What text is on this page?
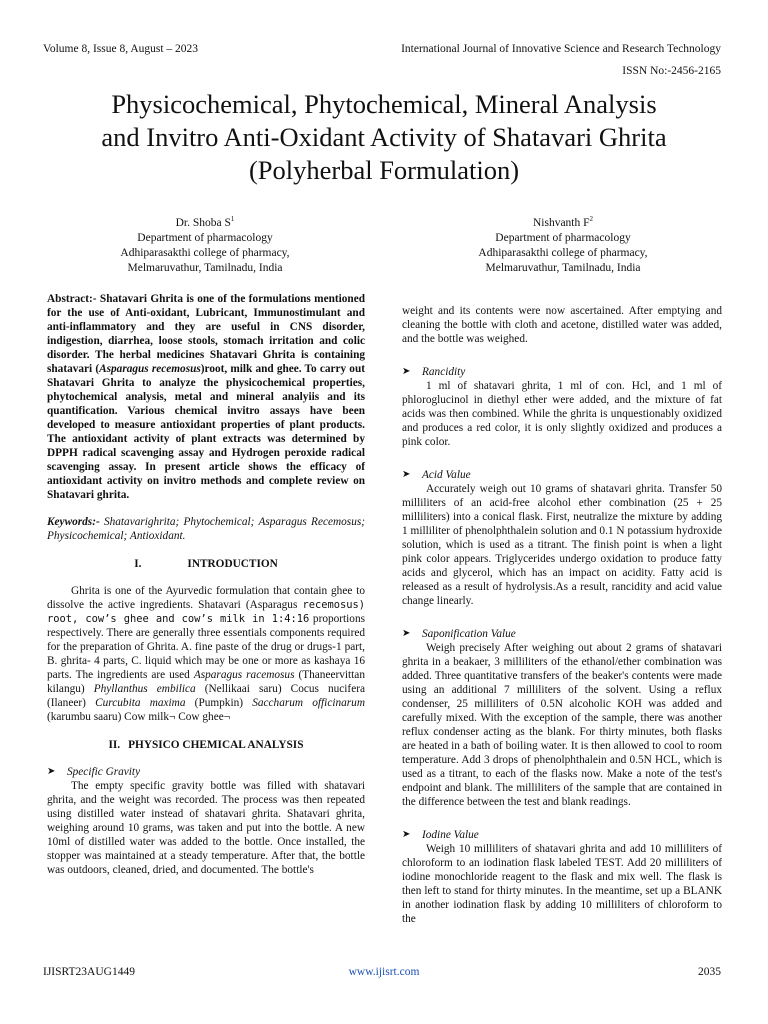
Volume 8, Issue 8, August – 2023	International Journal of Innovative Science and Research Technology
ISSN No:-2456-2165
Physicochemical, Phytochemical, Mineral Analysis
and Invitro Anti-Oxidant Activity of Shatavari Ghrita
(Polyherbal Formulation)
Dr. Shoba $S^1$
Department of pharmacology
Adhiparasakthi college of pharmacy,
Melmaruvathur, Tamilnadu, India
Nishvanth $F^2$
Department of pharmacology
Adhiparasakthi college of pharmacy,
Melmaruvathur, Tamilnadu, India

Abstract:- Shatavari Ghrita is one of the formulations mentioned for the use of Anti-oxidant, Lubricant, Immunostimulant and anti-inflammatory and they are useful in CNS disorder, indigestion, diarrhea, loose stools, stomach irritation and colic disorder. The herbal medicines Shatavari Ghrita is containing shatavari (Asparagus recemosus)root, milk and ghee. To carry out Shatavari Ghrita to analyze the physicochemical properties, phytochemical analysis, metal and mineral analyiis and its quantification. Various chemical invitro assays have been developed to measure antioxidant properties of plant products. The antioxidant activity of plant extracts was determined by DPPH radical scavenging assay and Hydrogen peroxide radical scavenging assay. In present article shows the efficacy of antioxidant activity on invitro methods and complete review on Shatavari ghrita.

Keywords:- Shatavarighrita; Phytochemical; Asparagus Recemosus; Physicochemical; Antioxidant.

I.	INTRODUCTION

Ghrita is one of the Ayurvedic formulation that contain ghee to dissolve the active ingredients. Shatavari (Asparagus recemosus) root, cow’s ghee and cow’s milk in 1:4:16 proportions respectively. There are generally three essentials components required for the preparation of Ghrita. A. fine paste of the drug or drugs-1 part, B. ghrita- 4 parts, C. liquid which may be one or more as kashaya 16 parts. The ingredients are used Asparagus racemosus (Thaneervittan kilangu) Phyllanthus embilica (Nellikaai saru) Cocus nucifera (Ilaneer) Curcubita maxima (Pumpkin) Saccharum officinarum (karumbu saaru) Cow milk¬ Cow ghee¬

II. PHYSICO CHEMICAL ANALYSIS
➤ Specific Gravity

The empty specific gravity bottle was filled with shatavari ghrita, and the weight was recorded. The process was then repeated using distilled water instead of shatavari ghrita. Shatavari ghrita, weighing around 10 grams, was taken and put into the bottle. A new 10ml of distilled water was added to the bottle. Once installed, the stopper was maintained at a steady temperature. After that, the bottle was outdoors, cleaned, dried, and documented. The bottle's

weight and its contents were now ascertained. After emptying and cleaning the bottle with cloth and acetone, distilled water was added, and the bottle was weighed.

➤ Rancidity

1 ml of shatavari ghrita, 1 ml of con. Hcl, and 1 ml of phloroglucinol in diethyl ether were added, and the mixture of fat acids was then combined. While the ghrita is unquestionably oxidized and produces a red color, it is only slightly oxidized and produces a pink color.

➤ Acid Value

Accurately weigh out 10 grams of shatavari ghrita. Transfer 50 milliliters of an acid-free alcohol ether combination (25 + 25 milliliters) into a conical flask. First, neutralize the mixture by adding 1 milliliter of phenolphthalein solution and 0.1 N potassium hydroxide solution, which is used as a titrant. The finish point is when a light pink color appears. Triglycerides undergo oxidation to produce fatty acids and glycerol, which has an impact on acidity. Fatty acid is released as a result of hydrolysis.As a result, rancidity and acid value change linearly.

➤ Saponification Value

Weigh precisely After weighing out about 2 grams of shatavari ghrita in a beakaer, 3 milliliters of the ethanol/ether combination was added. Three quantitative transfers of the beaker's contents were made using an additional 7 milliliters of the solvent. Using a reflux condenser, 25 milliliters of 0.5N alcoholic KOH was added and carefully mixed. With the exception of the sample, there was another reflux condenser acting as the blank. For thirty minutes, both flasks are heated in a bath of boiling water. It is then allowed to cool to room temperature. Add 3 drops of phenolphthalein and 0.5N HCL, which is used as a titrant, to each of the flasks now. Make a note of the test's endpoint and blank. The milliliters of the sample that are contained in the difference between the test and blank readings.

➤ Iodine Value

Weigh 10 milliliters of shatavari ghrita and add 10 milliliters of chloroform to an iodination flask labeled TEST. Add 20 milliliters of iodine monochloride reagent to the flask and mix well. The flask is then left to stand for thirty minutes. In the meantime, set up a BLANK in another iodination flask by adding 10 milliliters of chloroform to the

IJISRT23AUG1449	www.ijisrt.com	2035
